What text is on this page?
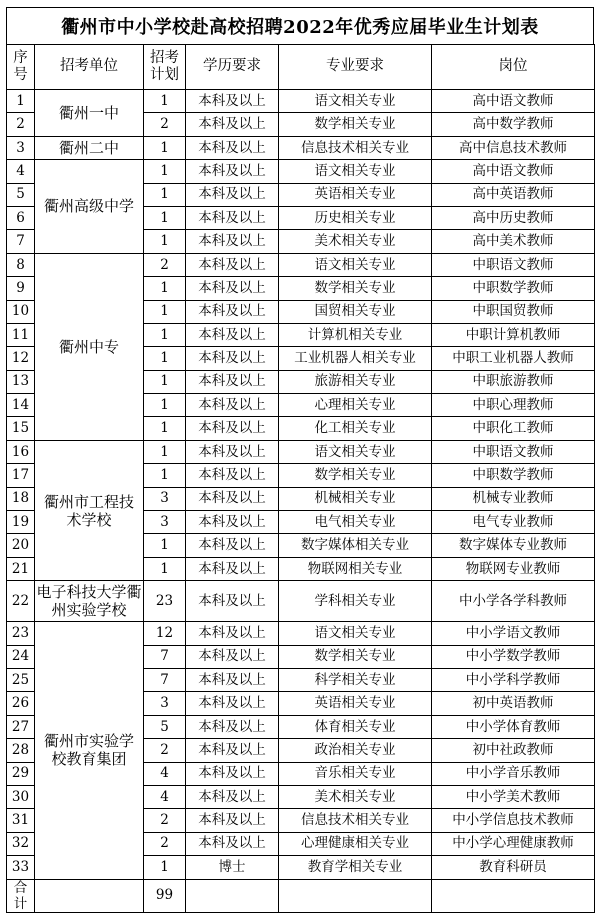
衢州市中小学校赴高校招聘2022年优秀应届毕业生计划表
序号	招考单位	招考计划	学历要求	专业要求	岗位
1	衢州一中	1	本科及以上	语文相关专业	高中语文教师
2		2	本科及以上	数学相关专业	高中数学教师
3	衢州二中	1	本科及以上	信息技术相关专业	高中信息技术教师
4	衢州高级中学	1	本科及以上	语文相关专业	高中语文教师
5		1	本科及以上	英语相关专业	高中英语教师
6		1	本科及以上	历史相关专业	高中历史教师
7		1	本科及以上	美术相关专业	高中美术教师
8	衢州中专	2	本科及以上	语文相关专业	中职语文教师
9		1	本科及以上	数学相关专业	中职数学教师
10		1	本科及以上	国贸相关专业	中职国贸教师
11		1	本科及以上	计算机相关专业	中职计算机教师
12		1	本科及以上	工业机器人相关专业	中职工业机器人教师
13		1	本科及以上	旅游相关专业	中职旅游教师
14		1	本科及以上	心理相关专业	中职心理教师
15		1	本科及以上	化工相关专业	中职化工教师
16	衢州市工程技术学校	1	本科及以上	语文相关专业	中职语文教师
17		1	本科及以上	数学相关专业	中职数学教师
18		3	本科及以上	机械相关专业	机械专业教师
19		3	本科及以上	电气相关专业	电气专业教师
20		1	本科及以上	数字媒体相关专业	数字媒体专业教师
21		1	本科及以上	物联网相关专业	物联网专业教师
22	电子科技大学衢州实验学校	23	本科及以上	学科相关专业	中小学各学科教师
23	衢州市实验学校教育集团	12	本科及以上	语文相关专业	中小学语文教师
24		7	本科及以上	数学相关专业	中小学数学教师
25		7	本科及以上	科学相关专业	中小学科学教师
26		3	本科及以上	英语相关专业	初中英语教师
27		5	本科及以上	体育相关专业	中小学体育教师
28		2	本科及以上	政治相关专业	初中社政教师
29		4	本科及以上	音乐相关专业	中小学音乐教师
30		4	本科及以上	美术相关专业	中小学美术教师
31		2	本科及以上	信息技术相关专业	中小学信息技术教师
32		2	本科及以上	心理健康相关专业	中小学心理健康教师
33		1	博士	教育学相关专业	教育科研员
合计		99			
